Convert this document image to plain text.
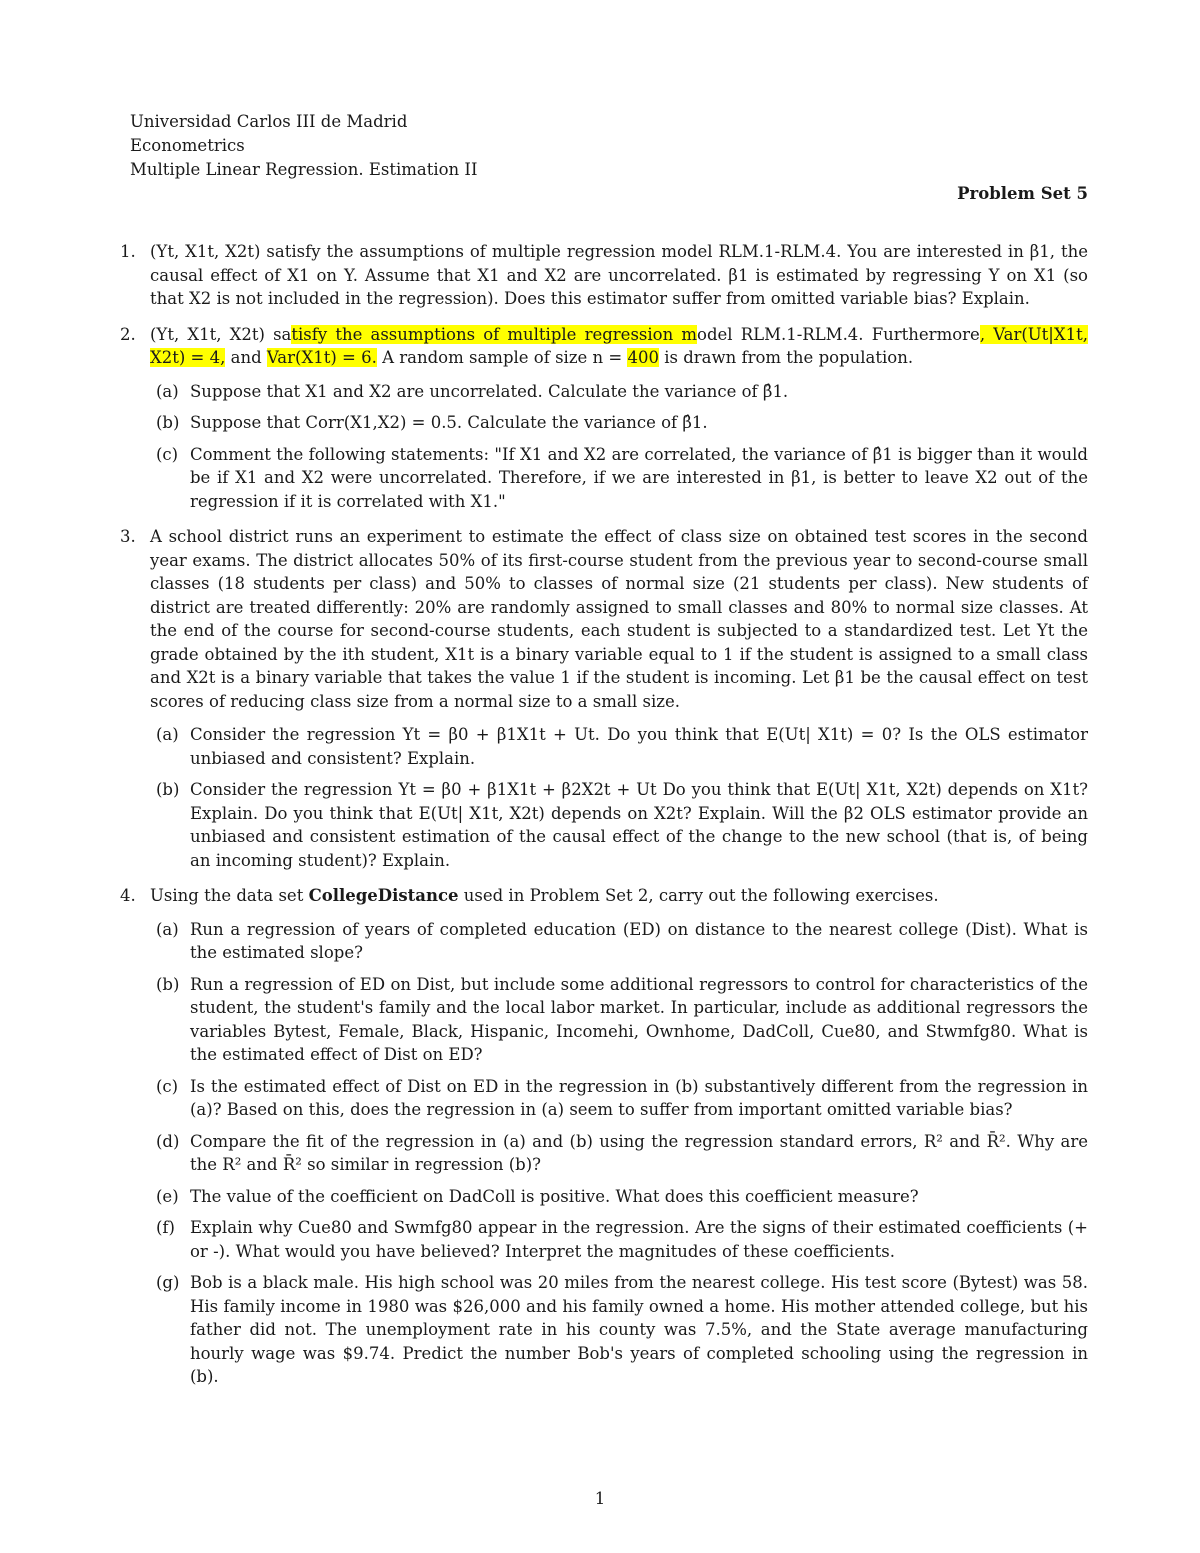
Universidad Carlos III de Madrid
Econometrics
Multiple Linear Regression. Estimation II
Problem Set 5
1. (Yt, X1t, X2t) satisfy the assumptions of multiple regression model RLM.1-RLM.4. You are interested in β1, the causal effect of X1 on Y. Assume that X1 and X2 are uncorrelated. β1 is estimated by regressing Y on X1 (so that X2 is not included in the regression). Does this estimator suffer from omitted variable bias? Explain.
2. (Yt, X1t, X2t) satisfy the assumptions of multiple regression model RLM.1-RLM.4. Furthermore, Var(Ut|X1t, X2t) = 4, and Var(X1t) = 6. A random sample of size n = 400 is drawn from the population.
(a) Suppose that X1 and X2 are uncorrelated. Calculate the variance of β̂1.
(b) Suppose that Corr(X1,X2) = 0.5. Calculate the variance of β̂1.
(c) Comment the following statements: "If X1 and X2 are correlated, the variance of β̂1 is bigger than it would be if X1 and X2 were uncorrelated. Therefore, if we are interested in β1, is better to leave X2 out of the regression if it is correlated with X1."
3. A school district runs an experiment to estimate the effect of class size on obtained test scores in the second year exams. The district allocates 50% of its first-course student from the previous year to second-course small classes (18 students per class) and 50% to classes of normal size (21 students per class). New students of district are treated differently: 20% are randomly assigned to small classes and 80% to normal size classes. At the end of the course for second-course students, each student is subjected to a standardized test. Let Yt the grade obtained by the ith student, X1t is a binary variable equal to 1 if the student is assigned to a small class and X2t is a binary variable that takes the value 1 if the student is incoming. Let β1 be the causal effect on test scores of reducing class size from a normal size to a small size.
(a) Consider the regression Yt = β0 + β1X1t + Ut. Do you think that E(Ut| X1t) = 0? Is the OLS estimator unbiased and consistent? Explain.
(b) Consider the regression Yt = β0 + β1X1t + β2X2t + Ut Do you think that E(Ut| X1t, X2t) depends on X1t? Explain. Do you think that E(Ut| X1t, X2t) depends on X2t? Explain. Will the β2 OLS estimator provide an unbiased and consistent estimation of the causal effect of the change to the new school (that is, of being an incoming student)? Explain.
4. Using the data set CollegeDistance used in Problem Set 2, carry out the following exercises.
(a) Run a regression of years of completed education (ED) on distance to the nearest college (Dist). What is the estimated slope?
(b) Run a regression of ED on Dist, but include some additional regressors to control for characteristics of the student, the student's family and the local labor market. In particular, include as additional regressors the variables Bytest, Female, Black, Hispanic, Incomehi, Ownhome, DadColl, Cue80, and Stwmfg80. What is the estimated effect of Dist on ED?
(c) Is the estimated effect of Dist on ED in the regression in (b) substantively different from the regression in (a)? Based on this, does the regression in (a) seem to suffer from important omitted variable bias?
(d) Compare the fit of the regression in (a) and (b) using the regression standard errors, R² and R̄². Why are the R² and R̄² so similar in regression (b)?
(e) The value of the coefficient on DadColl is positive. What does this coefficient measure?
(f) Explain why Cue80 and Swmfg80 appear in the regression. Are the signs of their estimated coefficients (+ or -). What would you have believed? Interpret the magnitudes of these coefficients.
(g) Bob is a black male. His high school was 20 miles from the nearest college. His test score (Bytest) was 58. His family income in 1980 was $26,000 and his family owned a home. His mother attended college, but his father did not. The unemployment rate in his county was 7.5%, and the State average manufacturing hourly wage was $9.74. Predict the number Bob's years of completed schooling using the regression in (b).
1
